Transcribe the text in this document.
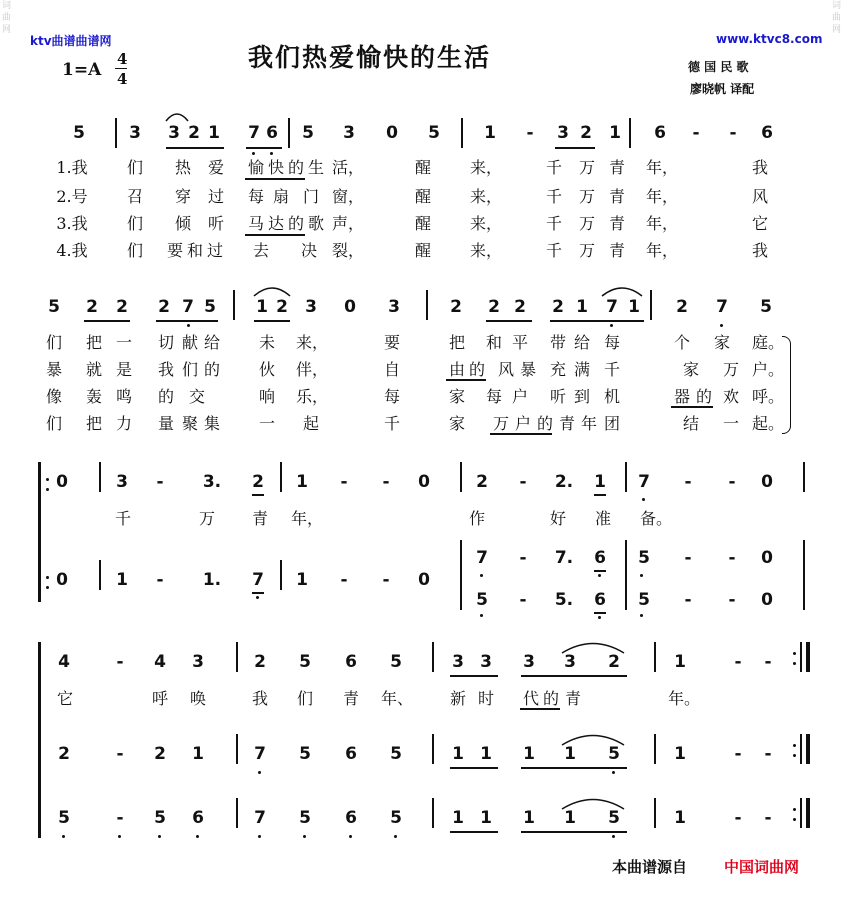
词曲网
词曲网
ktv曲谱曲谱网	www.ktvc8.com
我们热爱愉快的生活
1=A
4
4
德 国 民 歌
廖晓帆 译配
5	3 3 2 1 7 6 5 3 0 5	1	-	3 2 1 6	-	-	6
1.我	们 热 爱 愉 快 的 生 活，	醒 来，	千 万 青 年，	我
2.号	召 穿 过 每 扇 门 窗，	醒 来，	千 万 青 年，	风
3.我	们 倾 听 马 达 的 歌 声，	醒 来，	千 万 青 年，	它
4.我	们 要 和 过 去 决 裂，	醒 来，	千 万 青 年，	我
5 2 2 2 7 5 1 2 3 0 3	2 2 2 2 1 7 1 2 7 5
们 把 一 切 献 给 未 来，	要	把 和 平 带 给 每	个 家 庭。
暴 就 是 我 们 的 伙 伴，	自	由 的 风 暴 充 满 千	家 万 户。
像 轰 鸣 的 交	响 乐，	每	家 每 户 听 到 机	器 的 欢 呼。
们 把 力 量 聚 集 一 起	千	家 万 户 的 青 年 团	结 一 起。
0	3	-	3. 2 1	-	-	0	2	-	2. 1 7	-	-	0
千	万 青 年，	作	好 准 备。
0	1	-	1. 7 1	-	-	0
7	-	7. 6 5	-	-	0
5	-	5. 6 5	-	-	0
4	-	4 3	2 5 6 5	3 3 3 3 2	1	-	-
它	呼 唤	我 们 青 年、 新 时 代 的 青	年。
2	-	2 1	7 5 6 5	1 1 1 1 5	1	-	-
5	-	5 6	7 5 6 5	1 1 1 1 5	1	-	-
本曲谱源自 中国词曲网
